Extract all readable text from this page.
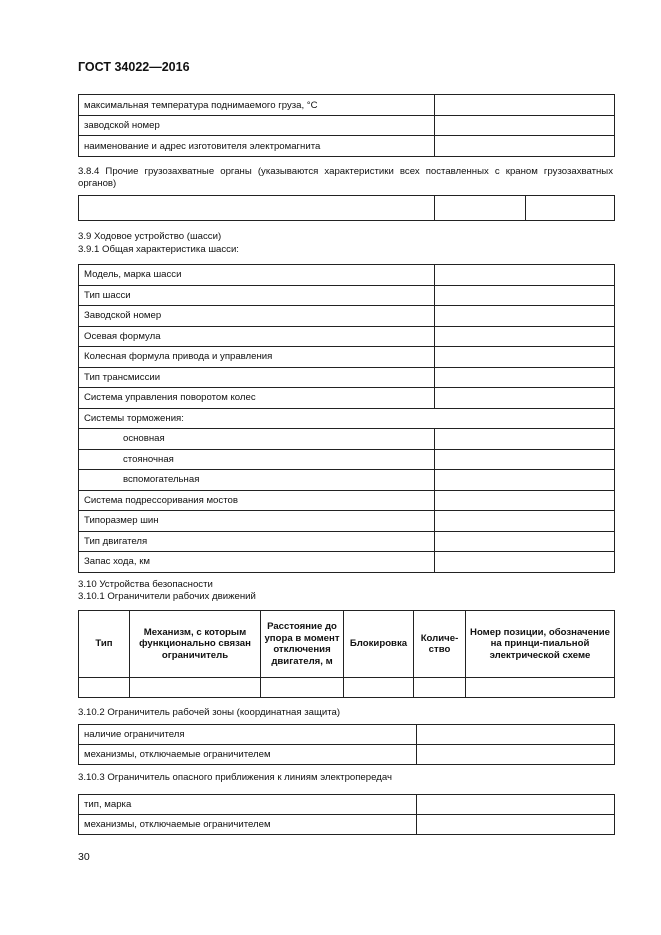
ГОСТ 34022—2016
максимальная температура поднимаемого груза, °С	
заводской номер	
наименование и адрес изготовителя электромагнита	
3.8.4 Прочие грузозахватные органы (указываются характеристики всех поставленных с краном грузозахватных органов)

3.9 Ходовое устройство (шасси)
3.9.1 Общая характеристика шасси:
Модель, марка шасси	
Тип шасси	
Заводской номер	
Осевая формула	
Колесная формула привода и управления	
Тип трансмиссии	
Система управления поворотом колес	
Системы торможения:	
основная	
стояночная	
вспомогательная	
Система подрессоривания мостов	
Типоразмер шин	
Тип двигателя	
Запас хода, км	
3.10 Устройства безопасности
3.10.1 Ограничители рабочих движений
Тип	Механизм, с которым функционально связан ограничитель	Расстояние до упора в момент отключения двигателя, м	Блокировка	Количе-ство	Номер позиции, обозначение на принци-пиальной электрической схеме

3.10.2 Ограничитель рабочей зоны (координатная защита)
наличие ограничителя	
механизмы, отключаемые ограничителем	
3.10.3 Ограничитель опасного приближения к линиям электропередач
тип, марка	
механизмы, отключаемые ограничителем	
30
